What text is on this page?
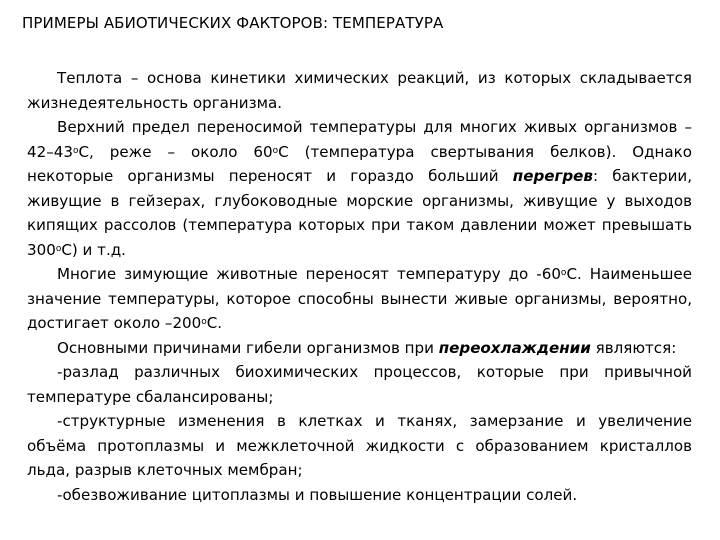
ПРИМЕРЫ АБИОТИЧЕСКИХ ФАКТОРОВ: ТЕМПЕРАТУРА

Теплота – основа кинетики химических реакций, из которых складывается жизнедеятельность организма.

Верхний предел переносимой температуры для многих живых организмов – $42-43^оС$, реже – около $60^оС$ (температура свертывания белков). Однако некоторые организмы переносят и гораздо больший перегрев: бактерии, живущие в гейзерах, глубоководные морские организмы, живущие у выходов кипящих рассолов (температура которых при таком давлении может превышать $300^оС$) и т.д.

Многие зимующие животные переносят температуру до $-60^оС$. Наименьшее значение температуры, которое способны вынести живые организмы, вероятно, достигает около $-200^оС$.

Основными причинами гибели организмов при переохлаждении являются:

-разлад различных биохимических процессов, которые при привычной температуре сбалансированы;

-структурные изменения в клетках и тканях, замерзание и увеличение объёма протоплазмы и межклеточной жидкости с образованием кристаллов льда, разрыв клеточных мембран;

-обезвоживание цитоплазмы и повышение концентрации солей.
